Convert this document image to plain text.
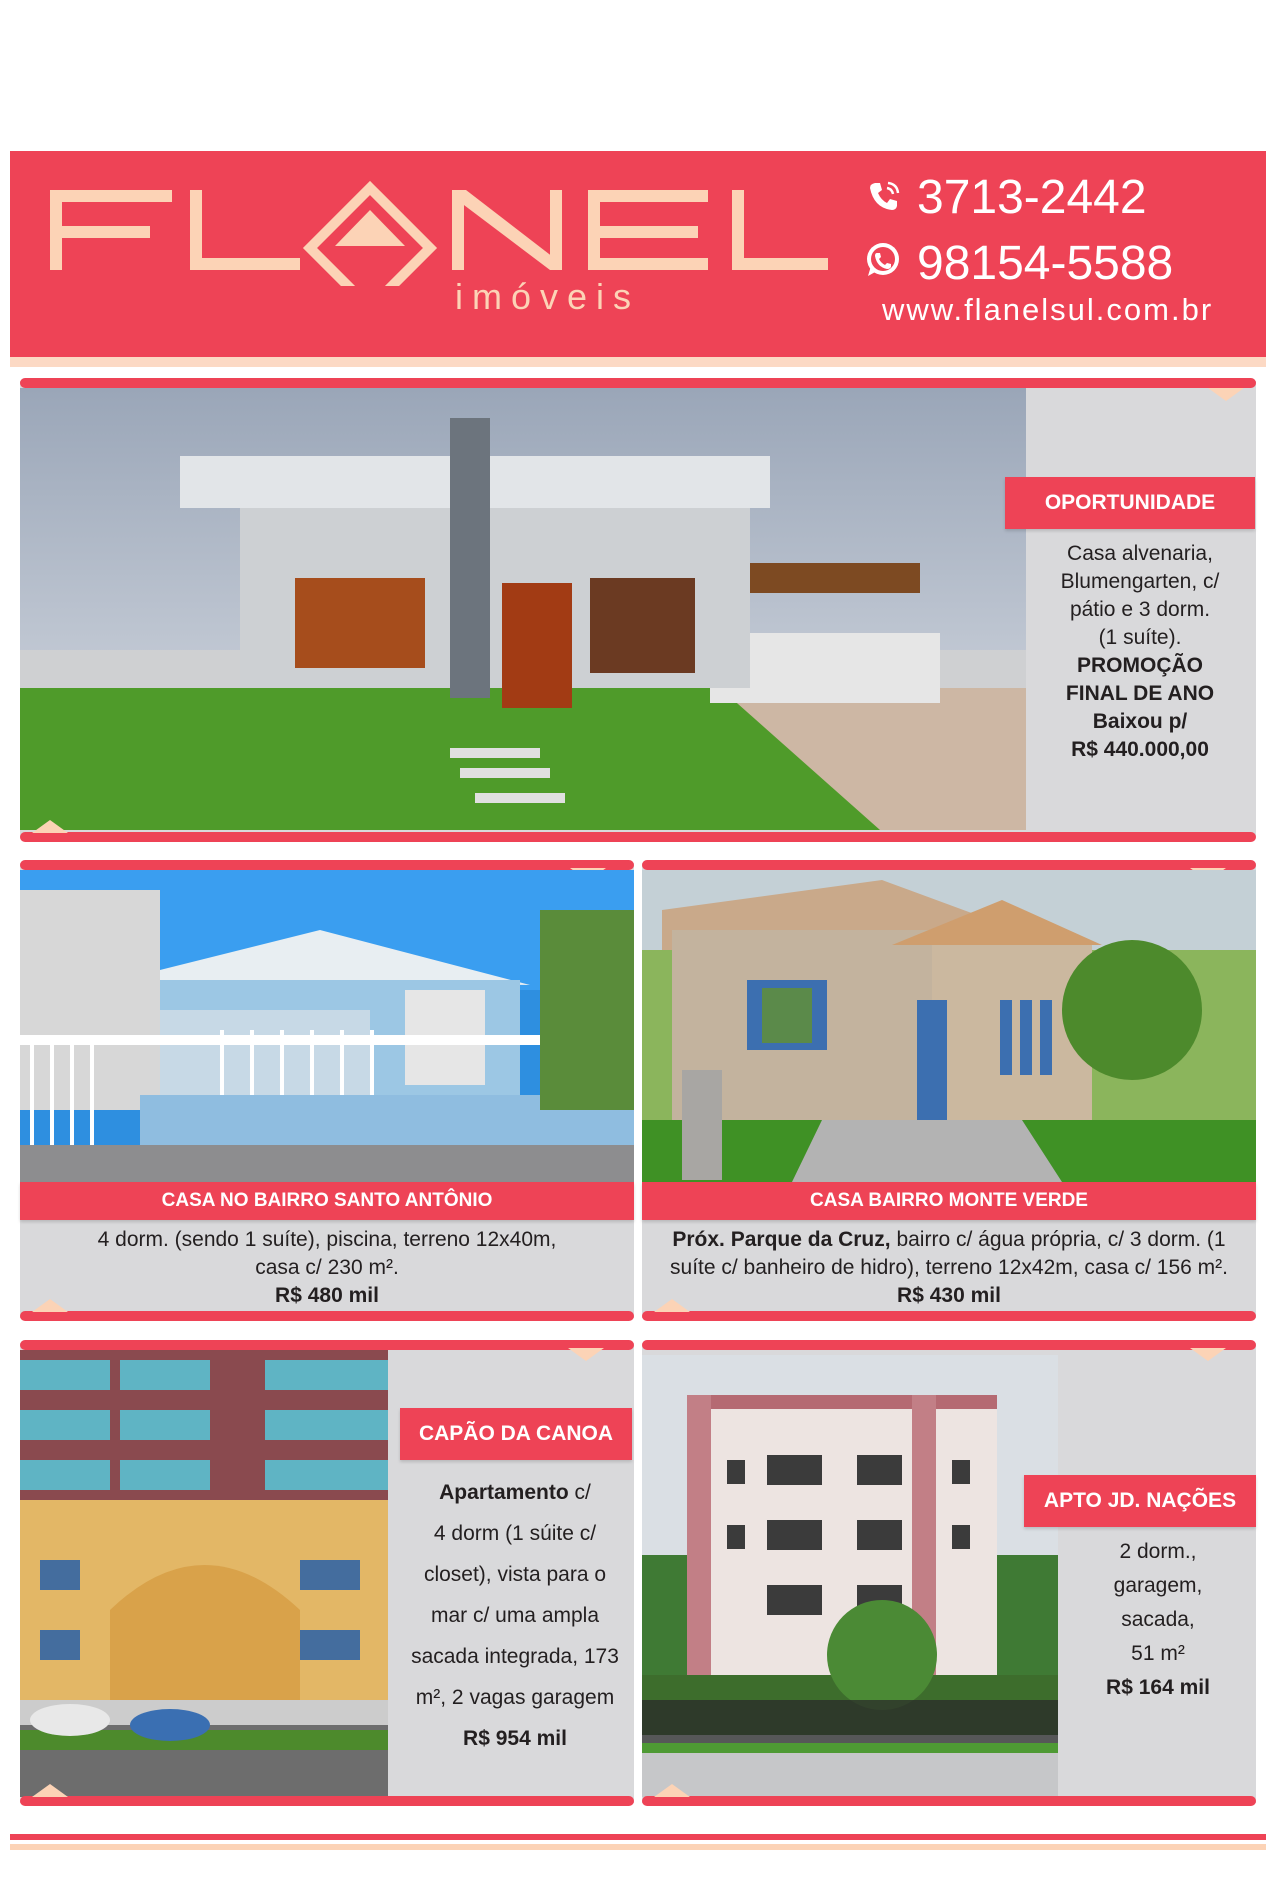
imóveis
3713-2442
98154-5588
www.flanelsul.com.br
OPORTUNIDADE
Casa alvenaria,
Blumengarten, c/
pátio e 3 dorm.
(1 suíte).
PROMOÇÃO
FINAL DE ANO
Baixou p/
R$ 440.000,00
CASA NO BAIRRO SANTO ANTÔNIO
4 dorm. (sendo 1 suíte), piscina, terreno 12x40m,
casa c/ 230 m².
R$ 480 mil
CASA BAIRRO MONTE VERDE
Próx. Parque da Cruz, bairro c/ água própria, c/ 3 dorm. (1
suíte c/ banheiro de hidro), terreno 12x42m, casa c/ 156 m².
R$ 430 mil
CAPÃO DA CANOA
Apartamento c/
4 dorm (1 súite c/
closet), vista para o
mar c/ uma ampla
sacada integrada, 173
m², 2 vagas garagem
R$ 954 mil
APTO JD. NAÇÕES
2 dorm.,
garagem,
sacada,
51 m²
R$ 164 mil
